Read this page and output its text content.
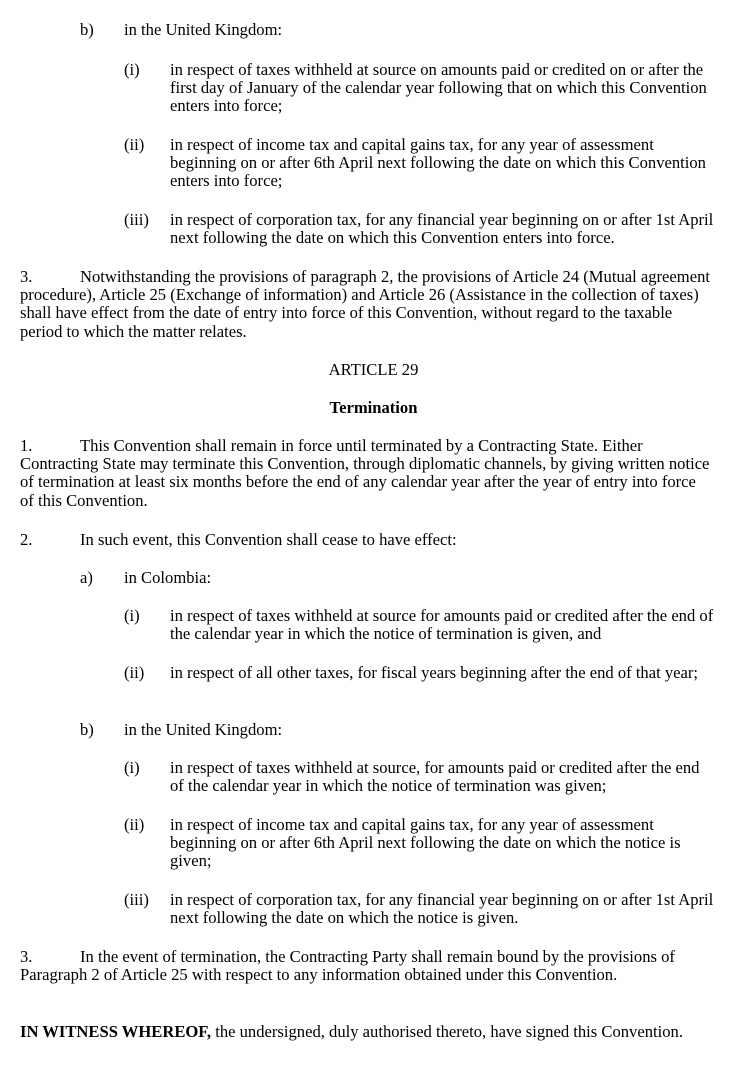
b) in the United Kingdom:
(i) in respect of taxes withheld at source on amounts paid or credited on or after the first day of January of the calendar year following that on which this Convention enters into force;
(ii) in respect of income tax and capital gains tax, for any year of assessment beginning on or after 6th April next following the date on which this Convention enters into force;
(iii) in respect of corporation tax, for any financial year beginning on or after 1st April next following the date on which this Convention enters into force.
3.	Notwithstanding the provisions of paragraph 2, the provisions of Article 24 (Mutual agreement procedure), Article 25 (Exchange of information) and Article 26 (Assistance in the collection of taxes) shall have effect from the date of entry into force of this Convention, without regard to the taxable period to which the matter relates.
ARTICLE 29
Termination
1.	This Convention shall remain in force until terminated by a Contracting State. Either Contracting State may terminate this Convention, through diplomatic channels, by giving written notice of termination at least six months before the end of any calendar year after the year of entry into force of this Convention.
2.	In such event, this Convention shall cease to have effect:
a) in Colombia:
(i) in respect of taxes withheld at source for amounts paid or credited after the end of the calendar year in which the notice of termination is given, and
(ii) in respect of all other taxes, for fiscal years beginning after the end of that year;
b) in the United Kingdom:
(i) in respect of taxes withheld at source, for amounts paid or credited after the end of the calendar year in which the notice of termination was given;
(ii) in respect of income tax and capital gains tax, for any year of assessment beginning on or after 6th April next following the date on which the notice is given;
(iii) in respect of corporation tax, for any financial year beginning on or after 1st April next following the date on which the notice is given.
3.	In the event of termination, the Contracting Party shall remain bound by the provisions of Paragraph 2 of Article 25 with respect to any information obtained under this Convention.
IN WITNESS WHEREOF, the undersigned, duly authorised thereto, have signed this Convention.
